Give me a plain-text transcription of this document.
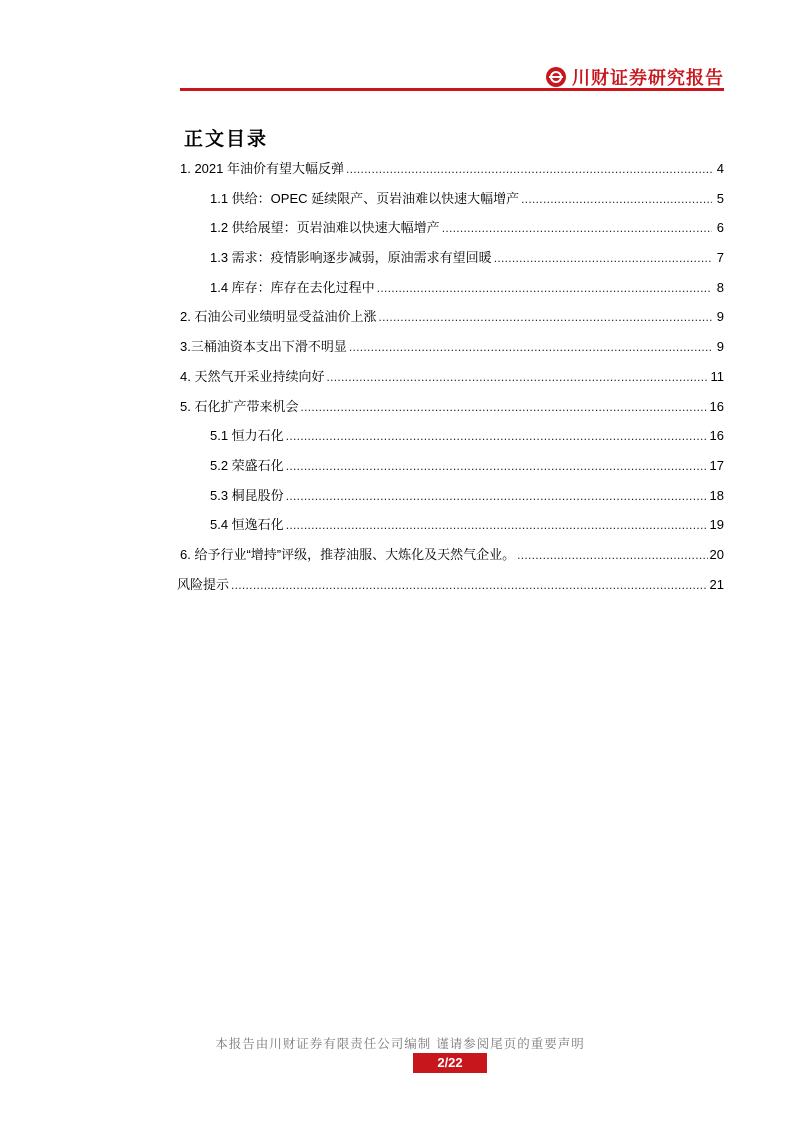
川财证券研究报告
正文目录
1. 2021 年油价有望大幅反弹 .....	4
1.1 供给：OPEC 延续限产、页岩油难以快速大幅增产 .....	5
1.2 供给展望：页岩油难以快速大幅增产 .....	6
1.3 需求：疫情影响逐步减弱，原油需求有望回暖 .....	7
1.4 库存：库存在去化过程中 .....	8
2. 石油公司业绩明显受益油价上涨 .....	9
3.三桶油资本支出下滑不明显 .....	9
4. 天然气开采业持续向好 .....	11
5. 石化扩产带来机会 .....	16
5.1 恒力石化 .....	16
5.2 荣盛石化 .....	17
5.3 桐昆股份 .....	18
5.4 恒逸石化 .....	19
6. 给予行业“增持”评级，推荐油服、大炼化及天然气企业。 .....	20
风险提示 .....	21
本报告由川财证券有限责任公司编制 谨请参阅尾页的重要声明
2/22
